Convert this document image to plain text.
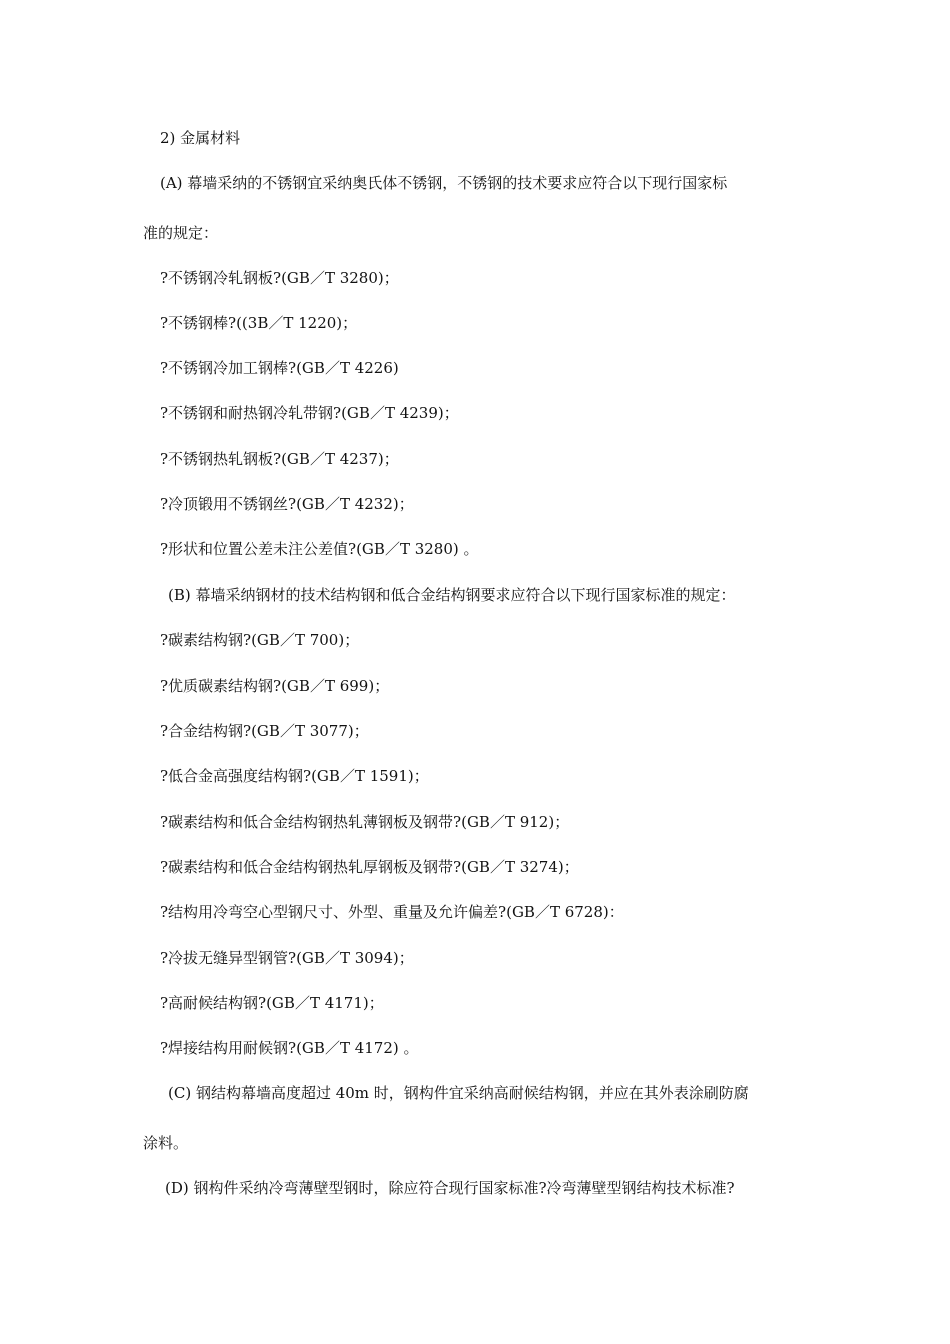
2) 金属材料
(A) 幕墙采纳的不锈钢宜采纳奥氏体不锈钢，不锈钢的技术要求应符合以下现行国家标
准的规定：
?不锈钢冷轧钢板?(GB／T 3280)；
?不锈钢棒?((3B／T 1220)；
?不锈钢冷加工钢棒?(GB／T 4226)
?不锈钢和耐热钢冷轧带钢?(GB／T 4239)；
?不锈钢热轧钢板?(GB／T 4237)；
?冷顶锻用不锈钢丝?(GB／T 4232)；
?形状和位置公差未注公差值?(GB／T 3280) 。
(B) 幕墙采纳钢材的技术结构钢和低合金结构钢要求应符合以下现行国家标准的规定：
?碳素结构钢?(GB／T 700)；
?优质碳素结构钢?(GB／T 699)；
?合金结构钢?(GB／T 3077)；
?低合金高强度结构钢?(GB／T 1591)；
?碳素结构和低合金结构钢热轧薄钢板及钢带?(GB／T 912)；
?碳素结构和低合金结构钢热轧厚钢板及钢带?(GB／T 3274)；
?结构用冷弯空心型钢尺寸、外型、重量及允许偏差?(GB／T 6728)：
?冷拔无缝异型钢管?(GB／T 3094)；
?高耐候结构钢?(GB／T 4171)；
?焊接结构用耐候钢?(GB／T 4172) 。
(C) 钢结构幕墙高度超过 40m 时，钢构件宜采纳高耐候结构钢，并应在其外表涂刷防腐
涂料。
(D) 钢构件采纳冷弯薄壁型钢时，除应符合现行国家标准?冷弯薄壁型钢结构技术标准?
